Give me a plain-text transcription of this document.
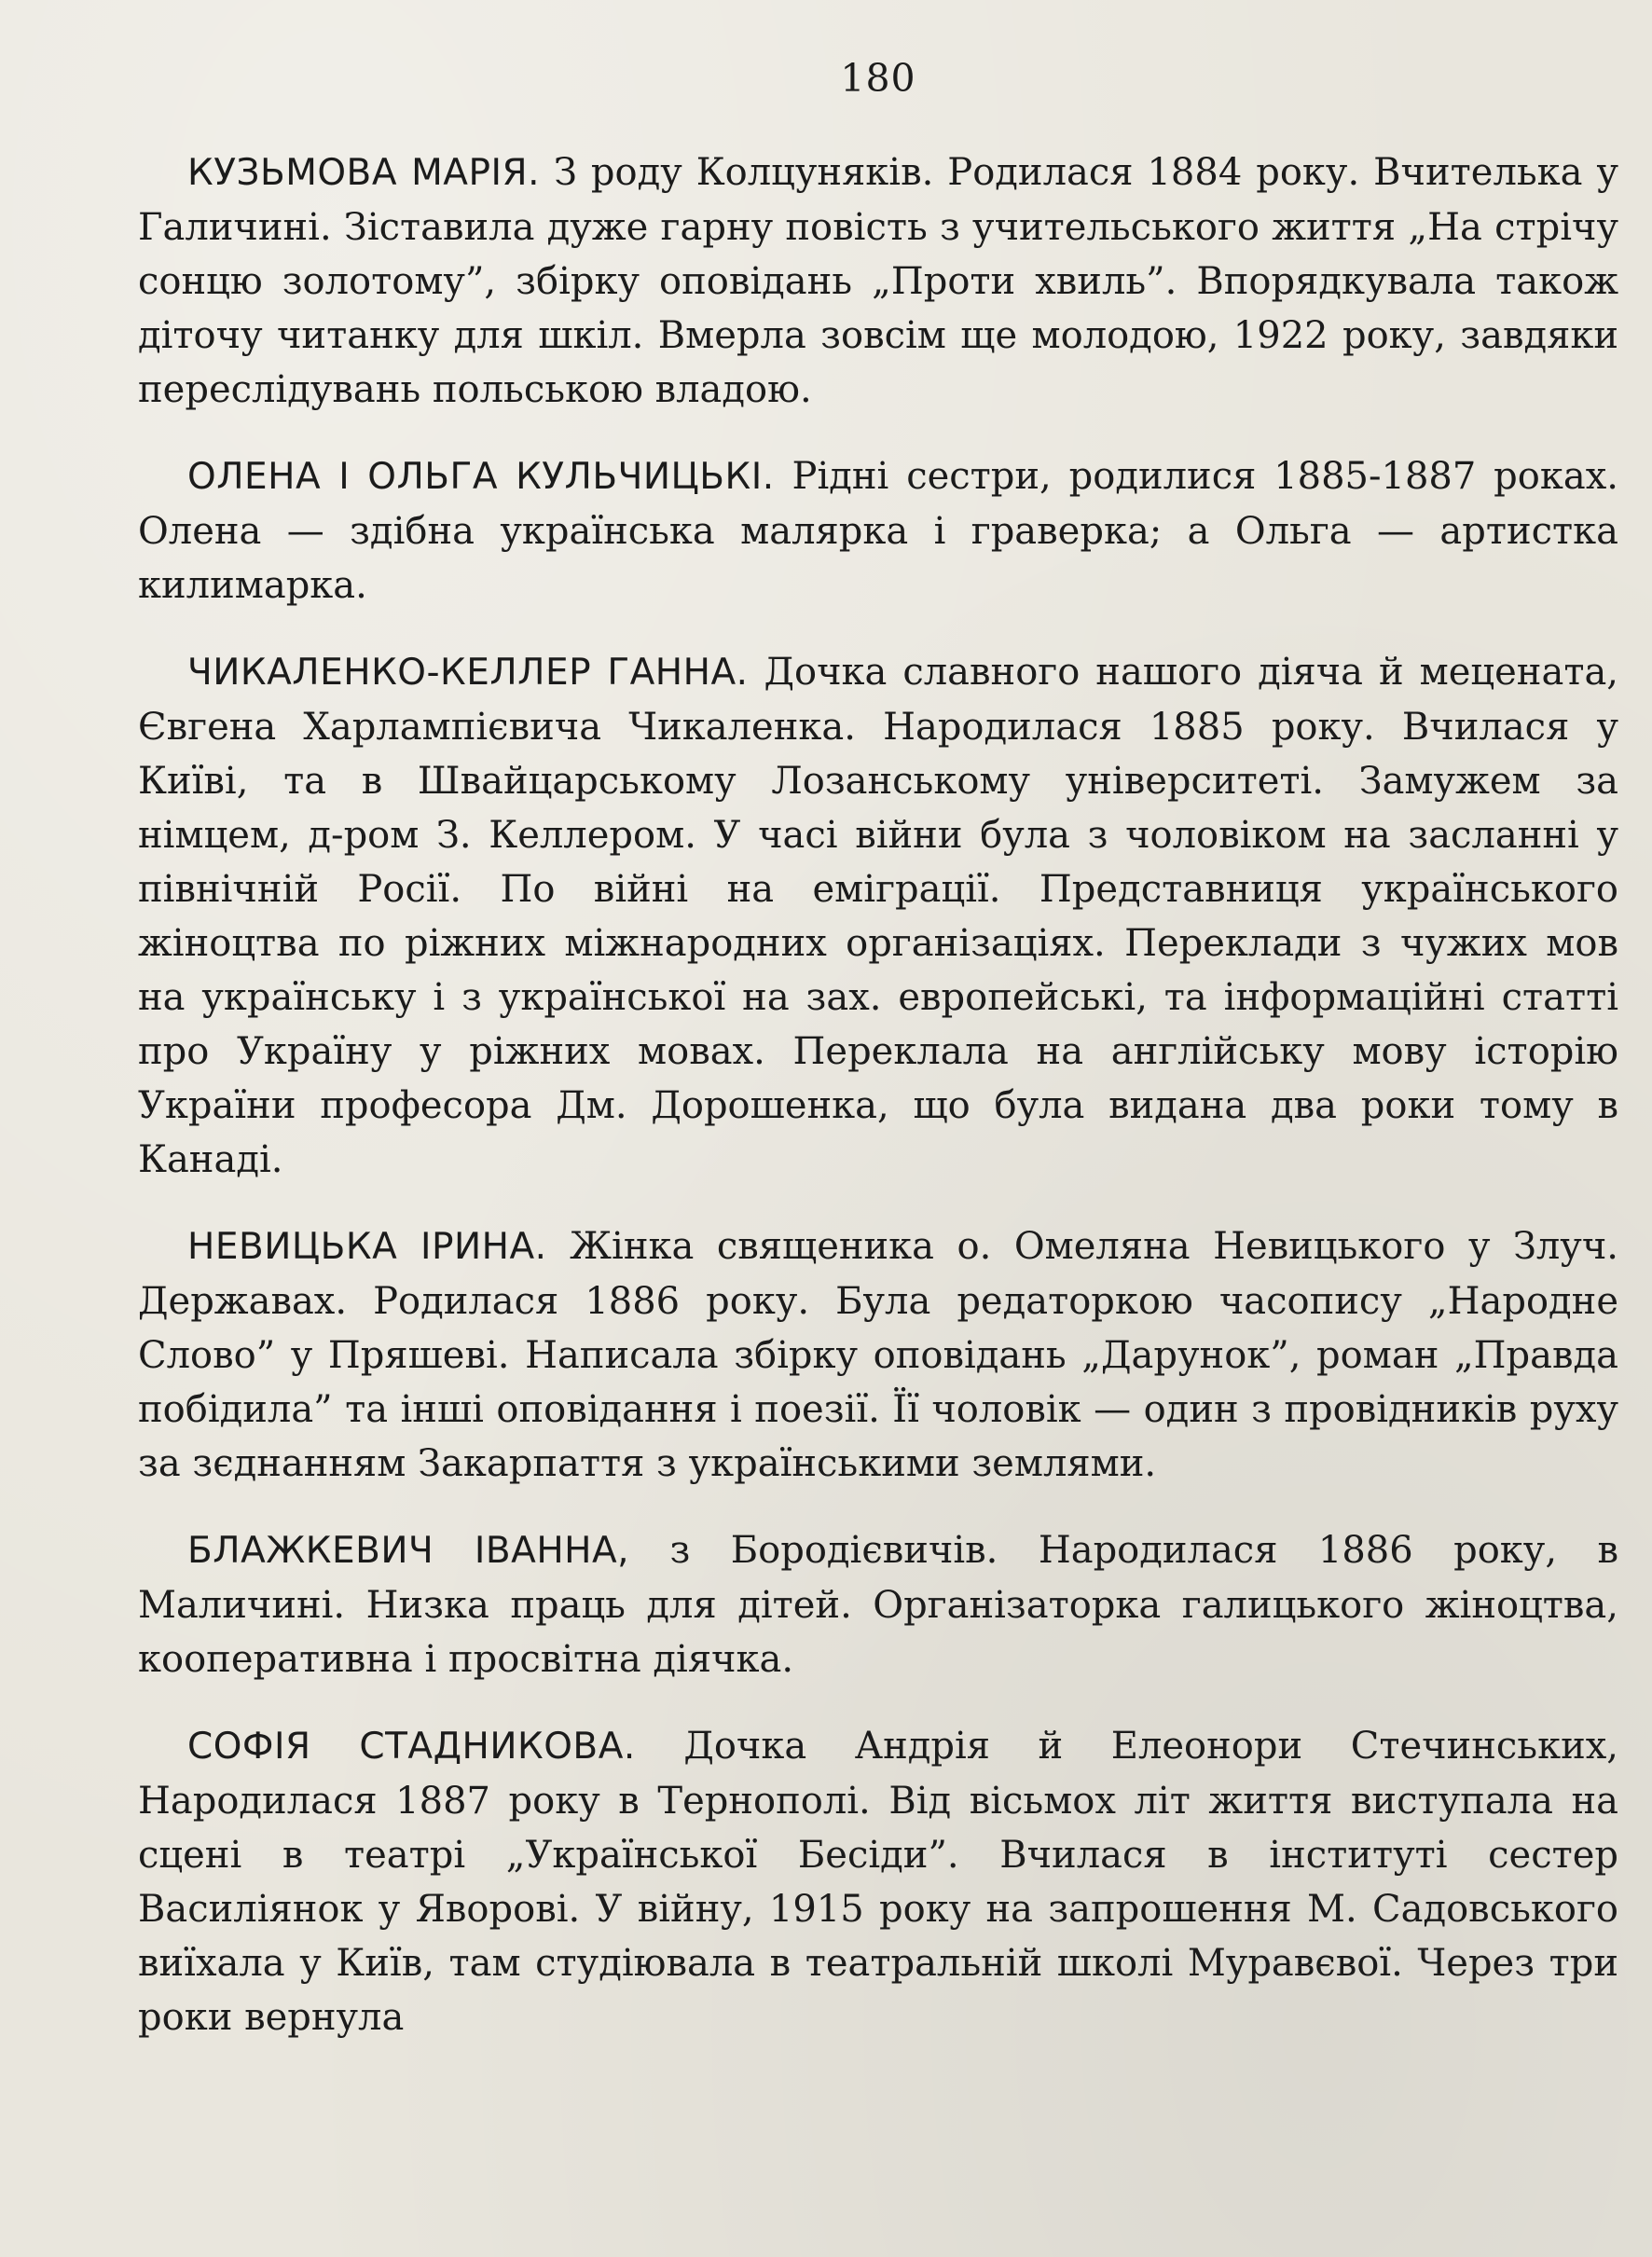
180

КУЗЬМОВА МАРІЯ. З роду Колцуняків. Родилася 1884 року. Вчителька у Галичині. Зіставила дуже гарну повість з учительського життя „На стрічу сонцю золотому”, збірку оповідань „Проти хвиль”. Впорядкувала також діточу читанку для шкіл. Вмерла зовсім ще молодою, 1922 року, завдяки переслідувань польською владою.

ОЛЕНА І ОЛЬГА КУЛЬЧИЦЬКІ. Рідні сестри, родилися 1885-1887 роках. Олена — здібна українська малярка і граверка; а Ольга — артистка килимарка.

ЧИКАЛЕНКО-КЕЛЛЕР ГАННА. Дочка славного нашого діяча й мецената, Євгена Харлампієвича Чикаленка. Народилася 1885 року. Вчилася у Київі, та в Швайцарському Лозанському університеті. Замужем за німцем, д-ром З. Келлером. У часі війни була з чоловіком на засланні у північній Росії. По війні на еміграції. Представниця українського жіноцтва по ріжних міжнародних організаціях. Переклади з чужих мов на українську і з української на зах. европейські, та інформаційні статті про Україну у ріжних мовах. Переклала на англійську мову історію України професора Дм. Дорошенка, що була видана два роки тому в Канаді.

НЕВИЦЬКА ІРИНА. Жінка священика о. Омеляна Невицького у Злуч. Державах. Родилася 1886 року. Була редаторкою часопису „Народне Слово” у Пряшеві. Написала збірку оповідань „Дарунок”, роман „Правда побідила” та інші оповідання і поезії. Її чоловік — один з провідників руху за зєднанням Закарпаття з українськими землями.

БЛАЖКЕВИЧ ІВАННА, з Бородієвичів. Народилася 1886 року, в Маличині. Низка праць для дітей. Організаторка галицького жіноцтва, кооперативна і просвітна діячка.

СОФІЯ СТАДНИКОВА. Дочка Андрія й Елеонори Стечинських, Народилася 1887 року в Тернополі. Від вісьмох літ життя виступала на сцені в театрі „Української Бесіди”. Вчилася в інституті сестер Василіянок у Яворові. У війну, 1915 року на запрошення М. Садовського виїхала у Київ, там студіювала в театральній школі Муравєвої. Через три роки вернула
